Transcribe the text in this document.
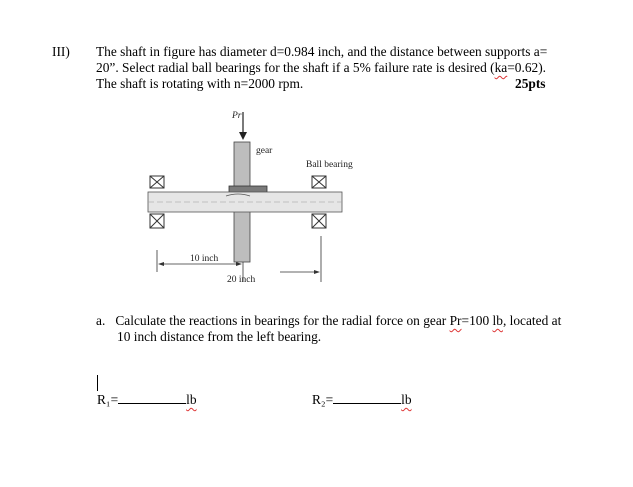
III) The shaft in figure has diameter d=0.984 inch, and the distance between supports a=
20”. Select radial ball bearings for the shaft if a 5% failure rate is desired (ka=0.62).
The shaft is rotating with n=2000 rpm.	25pts
Pr
gear
Ball bearing
10 inch
20 inch
a. Calculate the reactions in bearings for the radial force on gear Pr=100 lb, located at
10 inch distance from the left bearing.
R₁=	lb	R₂=	lb
